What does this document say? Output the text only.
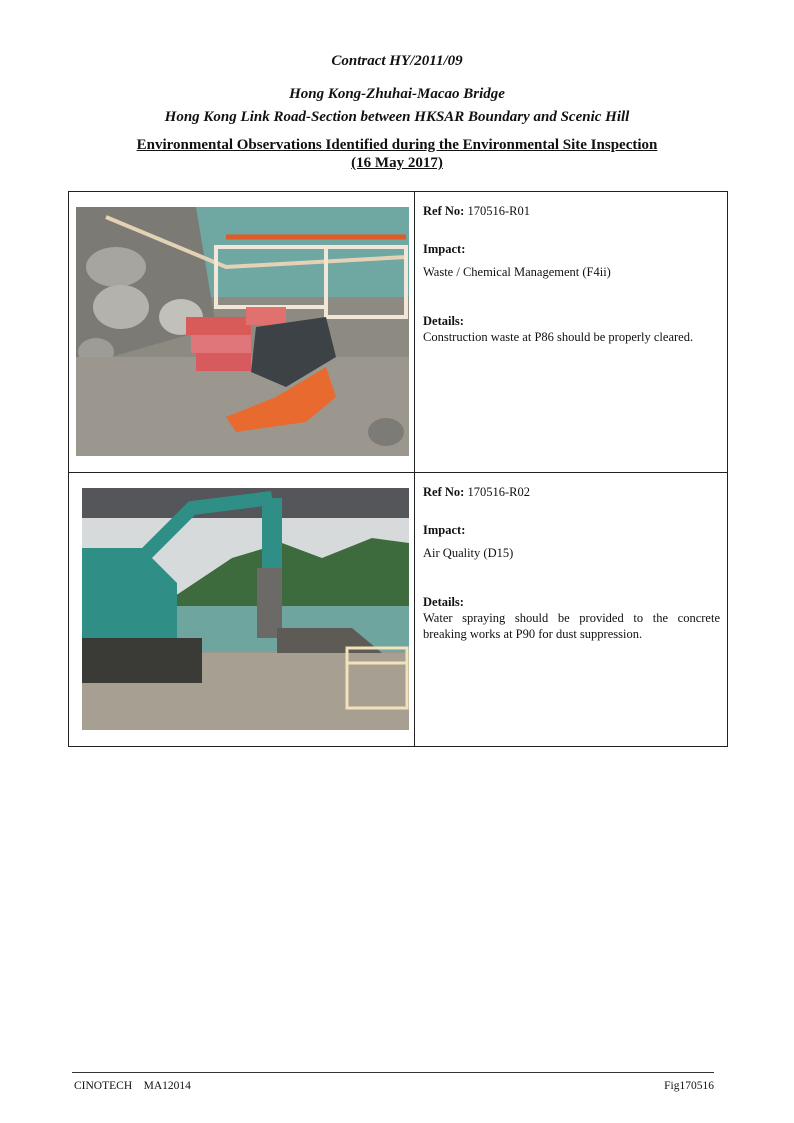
Contract HY/2011/09
Hong Kong-Zhuhai-Macao Bridge
Hong Kong Link Road-Section between HKSAR Boundary and Scenic Hill
Environmental Observations Identified during the Environmental Site Inspection
(16 May 2017)
Ref No: 170516-R01
Impact:
Waste / Chemical Management (F4ii)
Details:
Construction waste at P86 should be properly cleared.
Ref No: 170516-R02
Impact:
Air Quality (D15)
Details:
Water spraying should be provided to the concrete breaking works at P90 for dust suppression.
CINOTECH    MA12014	Fig170516
